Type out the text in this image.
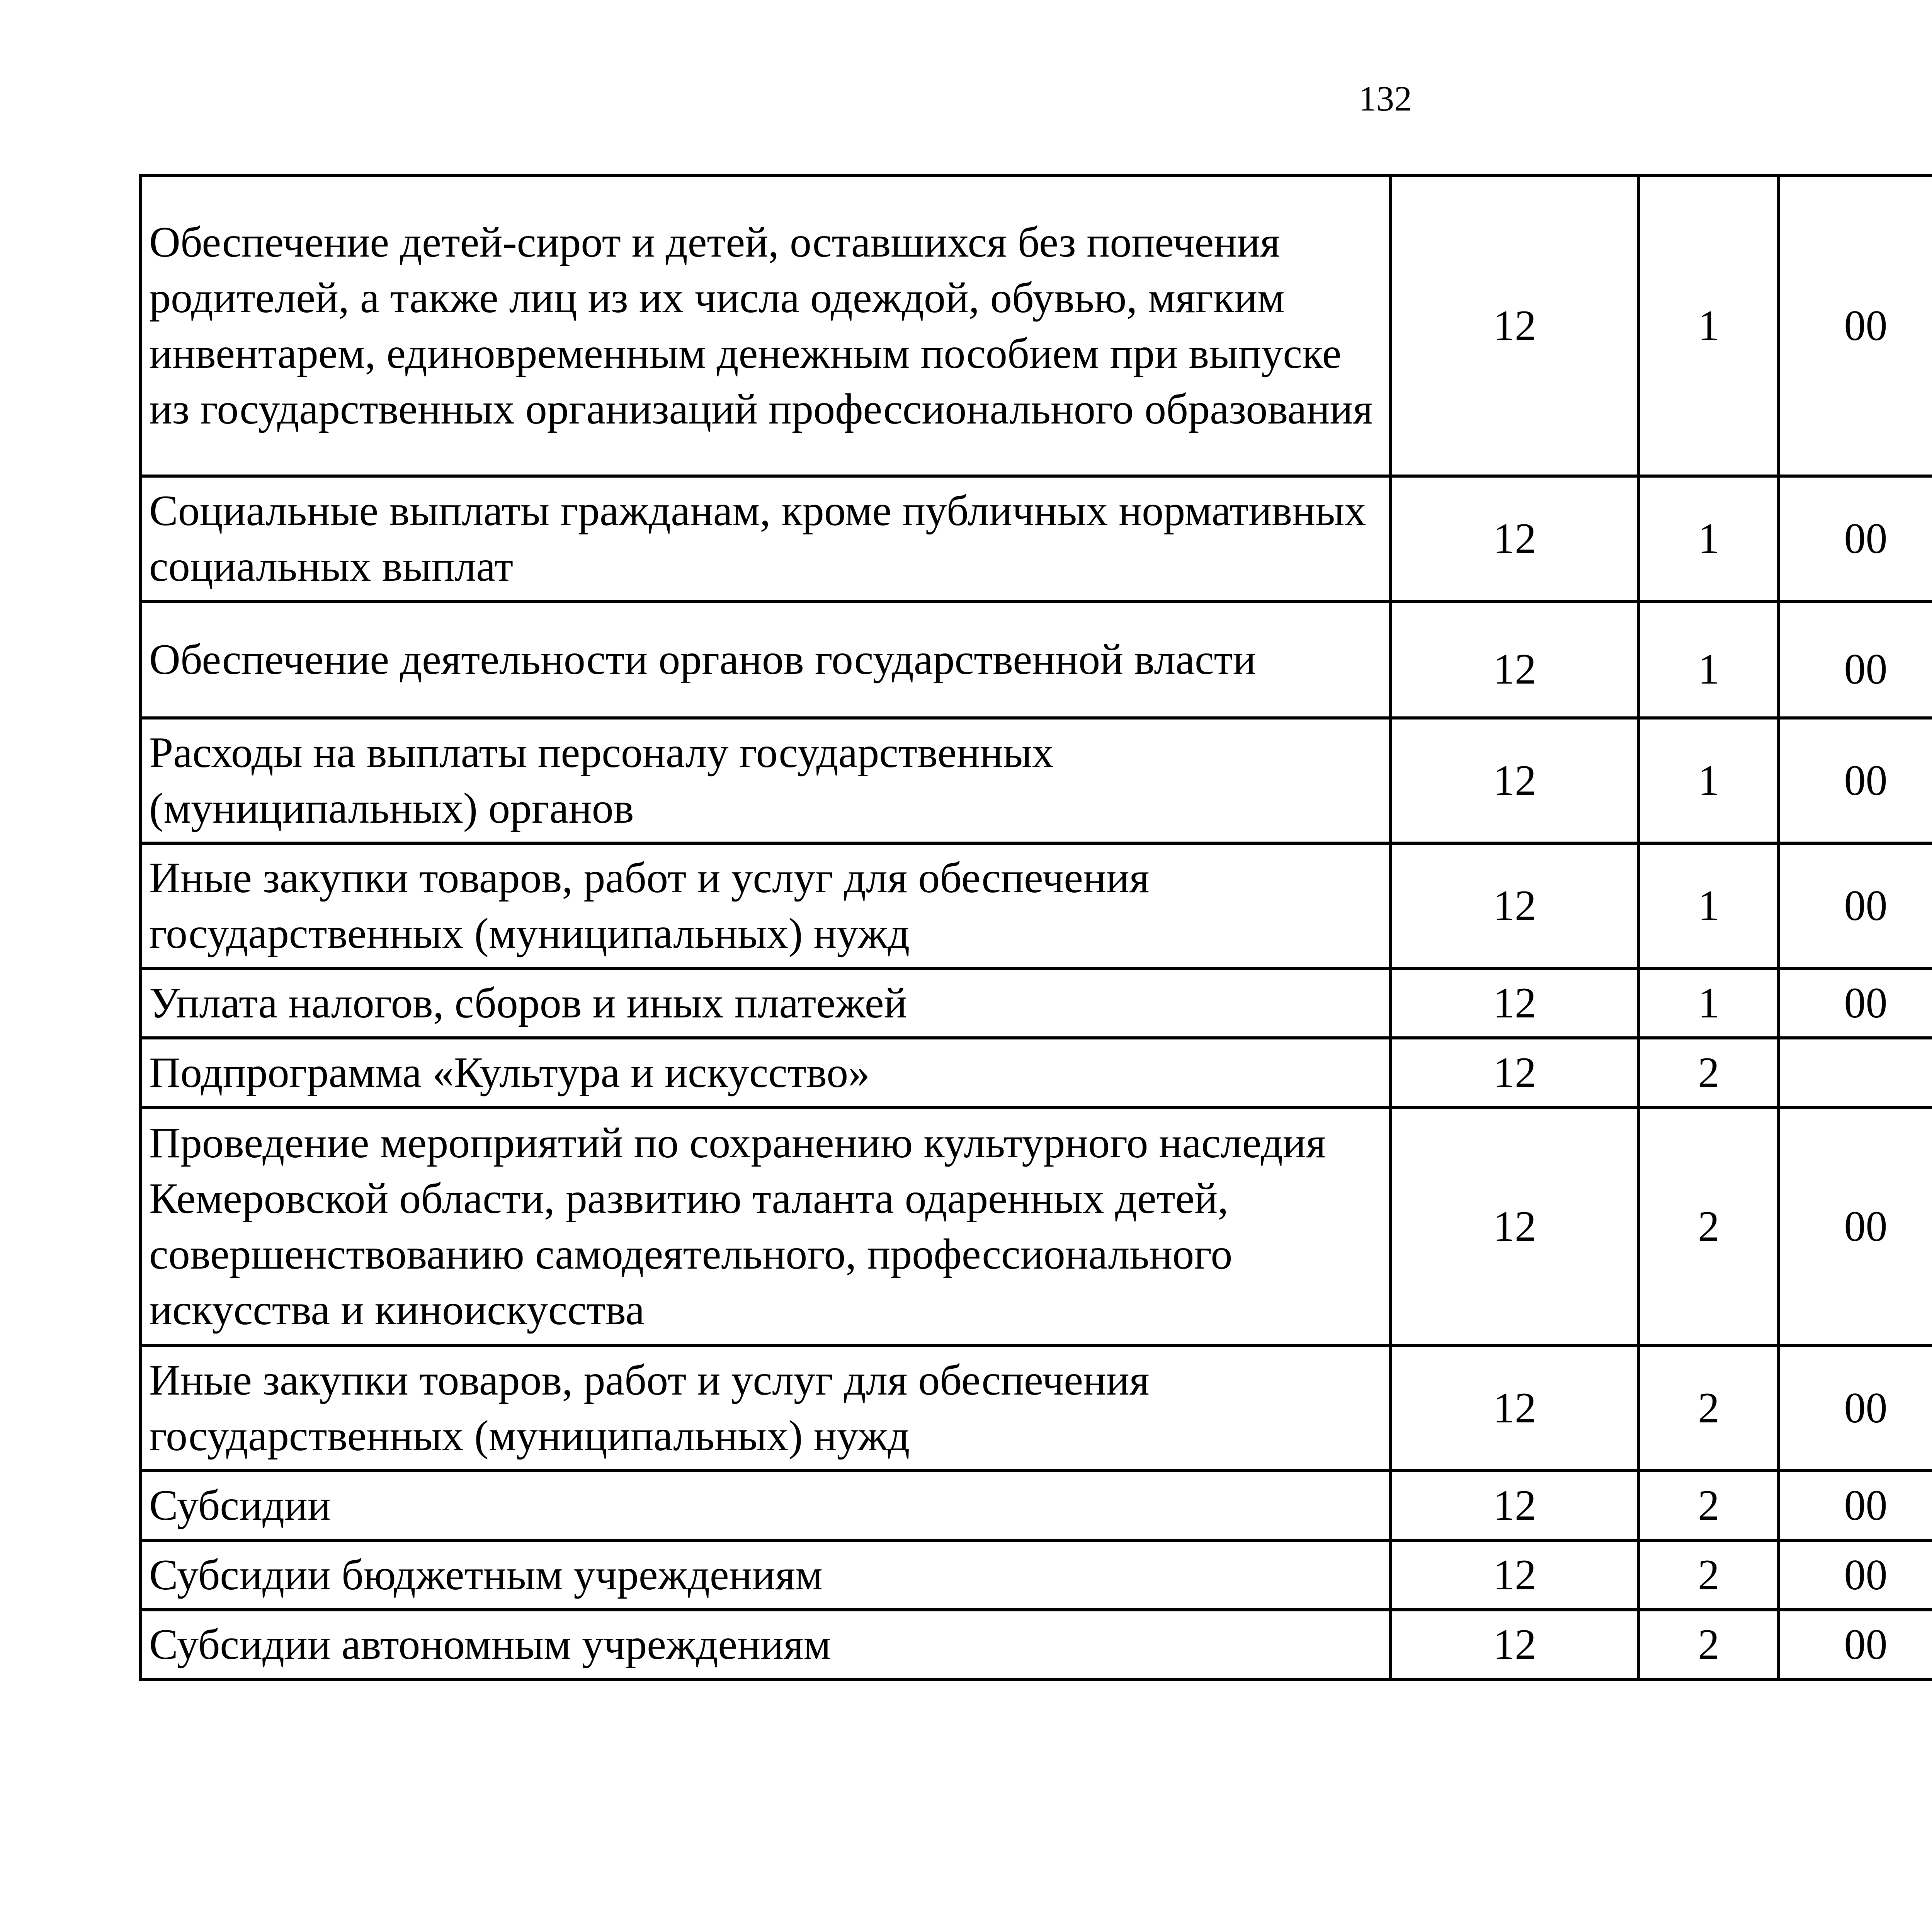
132
Обеспечение детей-сирот и детей, оставшихся без попечения родителей, а также лиц из их числа одеждой, обувью, мягким инвентарем, единовременным денежным пособием при выпуске из государственных организаций профессионального образования	12	1	00			
Социальные выплаты гражданам, кроме публичных нормативных социальных выплат	12	1	00			
Обеспечение деятельности органов государственной власти	12	1	00			
Расходы на выплаты персоналу государственных (муниципальных) органов	12	1	00			
Иные закупки товаров, работ и услуг для обеспечения государственных (муниципальных) нужд	12	1	00			
Уплата налогов, сборов и иных платежей	12	1	00			
Подпрограмма «Культура и искусство»	12	2				
Проведение мероприятий по сохранению культурного наследия Кемеровской области, развитию таланта одаренных детей, совершенствованию самодеятельного, профессионального искусства и киноискусства	12	2	00			
Иные закупки товаров, работ и услуг для обеспечения государственных (муниципальных) нужд	12	2	00			
Субсидии	12	2	00			
Субсидии бюджетным учреждениям	12	2	00			
Субсидии автономным учреждениям	12	2	00			
